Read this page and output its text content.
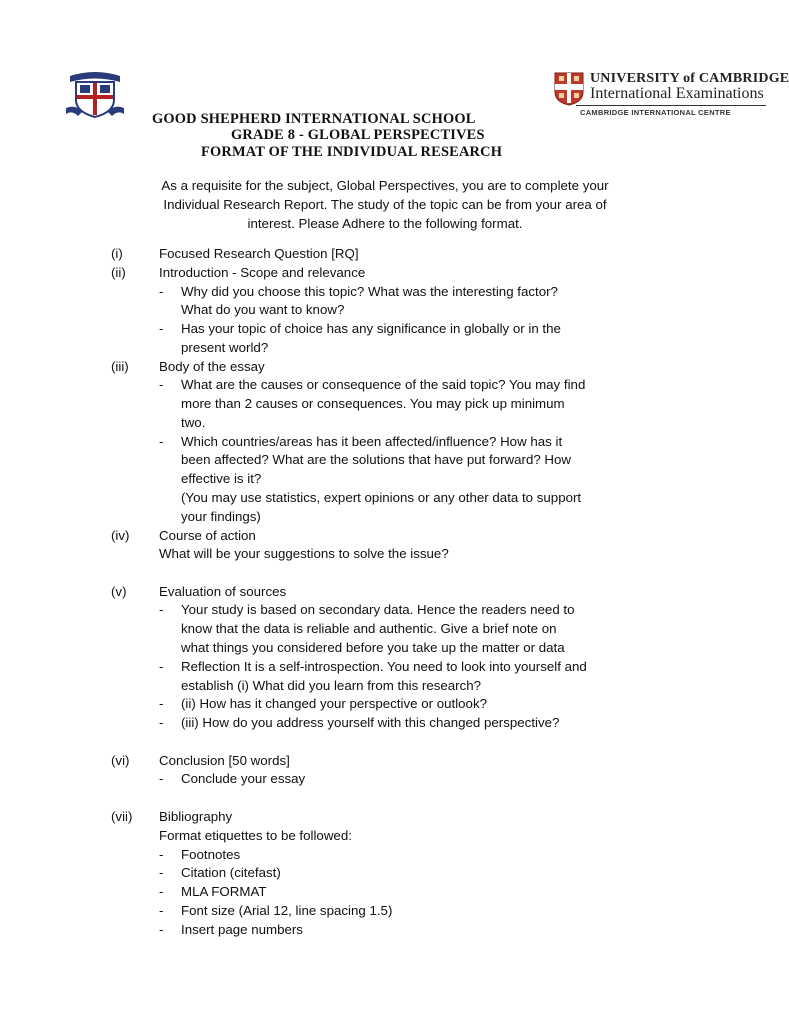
UNIVERSITY of CAMBRIDGE
International Examinations
CAMBRIDGE INTERNATIONAL CENTRE
GOOD SHEPHERD INTERNATIONAL SCHOOL
GRADE 8 - GLOBAL PERSPECTIVES
FORMAT OF THE INDIVIDUAL RESEARCH
As a requisite for the subject, Global Perspectives, you are to complete your
Individual Research Report. The study of the topic can be from your area of
interest. Please Adhere to the following format.
(i)	Focused Research Question [RQ]
(ii) Introduction - Scope and relevance
- Why did you choose this topic? What was the interesting factor?
What do you want to know?
- Has your topic of choice has any significance in globally or in the
present world?
(iii) Body of the essay
- What are the causes or consequence of the said topic? You may find
more than 2 causes or consequences. You may pick up minimum
two.
- Which countries/areas has it been affected/influence? How has it
been affected? What are the solutions that have put forward? How
effective is it?
(You may use statistics, expert opinions or any other data to support
your findings)
(iv) Course of action
What will be your suggestions to solve the issue?
(v) Evaluation of sources
- Your study is based on secondary data. Hence the readers need to
know that the data is reliable and authentic. Give a brief note on
what things you considered before you take up the matter or data
- Reflection It is a self-introspection. You need to look into yourself and
establish (i) What did you learn from this research?
- (ii) How has it changed your perspective or outlook?
- (iii) How do you address yourself with this changed perspective?
(vi) Conclusion [50 words]
- Conclude your essay
(vii) Bibliography
Format etiquettes to be followed:
- Footnotes
- Citation (citefast)
- MLA FORMAT
- Font size (Arial 12, line spacing 1.5)
- Insert page numbers
